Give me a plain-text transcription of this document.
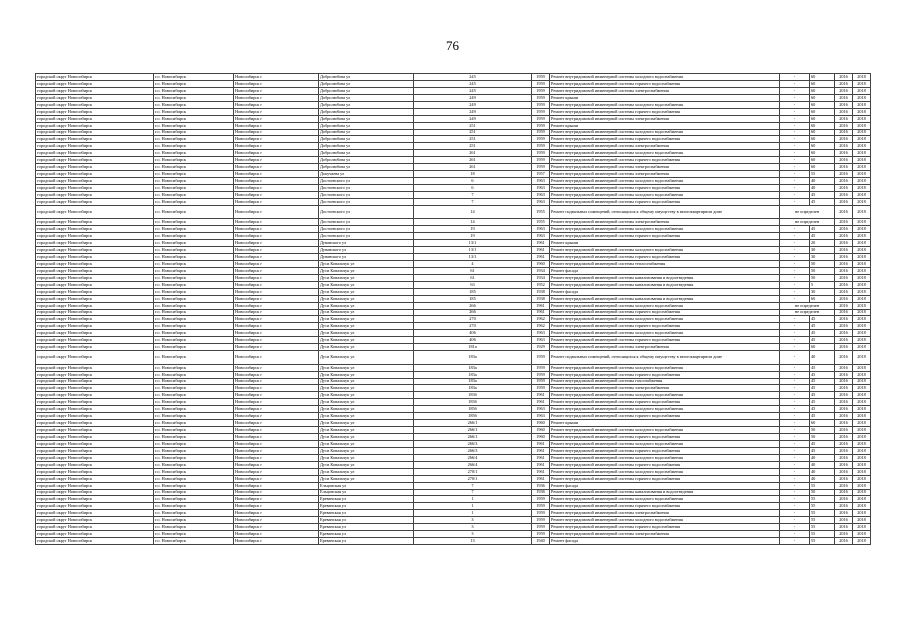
76
городской округ Новосибирск	г.о. Новосибирск	Новосибирск г	Добролюбова ул	245	1959	Ремонт внутридомовой инженерной системы холодного водоснабжения	-	60	2016	2018
городской округ Новосибирск	г.о. Новосибирск	Новосибирск г	Добролюбова ул	245	1959	Ремонт внутридомовой инженерной системы горячего водоснабжения	-	60	2016	2018
городской округ Новосибирск	г.о. Новосибирск	Новосибирск г	Добролюбова ул	245	1959	Ремонт внутридомовой инженерной системы электроснабжения	-	60	2016	2018
городской округ Новосибирск	г.о. Новосибирск	Новосибирск г	Добролюбова ул	249	1959	Ремонт крыши	-	60	2016	2018
городской округ Новосибирск	г.о. Новосибирск	Новосибирск г	Добролюбова ул	249	1959	Ремонт внутридомовой инженерной системы холодного водоснабжения	-	60	2016	2018
городской округ Новосибирск	г.о. Новосибирск	Новосибирск г	Добролюбова ул	249	1959	Ремонт внутридомовой инженерной системы горячего водоснабжения	-	60	2016	2018
городской округ Новосибирск	г.о. Новосибирск	Новосибирск г	Добролюбова ул	249	1959	Ремонт внутридомовой инженерной системы электроснабжения	-	60	2016	2018
городской округ Новосибирск	г.о. Новосибирск	Новосибирск г	Добролюбова ул	251	1959	Ремонт крыши	-	60	2016	2018
городской округ Новосибирск	г.о. Новосибирск	Новосибирск г	Добролюбова ул	251	1959	Ремонт внутридомовой инженерной системы холодного водоснабжения	-	60	2016	2018
городской округ Новосибирск	г.о. Новосибирск	Новосибирск г	Добролюбова ул	251	1959	Ремонт внутридомовой инженерной системы горячего водоснабжения	-	60	2016	2018
городской округ Новосибирск	г.о. Новосибирск	Новосибирск г	Добролюбова ул	251	1959	Ремонт внутридомовой инженерной системы электроснабжения	-	60	2016	2018
городской округ Новосибирск	г.о. Новосибирск	Новосибирск г	Добролюбова ул	261	1959	Ремонт внутридомовой инженерной системы холодного водоснабжения	-	60	2016	2018
городской округ Новосибирск	г.о. Новосибирск	Новосибирск г	Добролюбова ул	261	1959	Ремонт внутридомовой инженерной системы горячего водоснабжения	-	60	2016	2018
городской округ Новосибирск	г.о. Новосибирск	Новосибирск г	Добролюбова ул	261	1959	Ремонт внутридомовой инженерной системы электроснабжения	-	60	2016	2018
городской округ Новосибирск	г.о. Новосибирск	Новосибирск г	Докучаева ул	18	1957	Ремонт внутридомовой инженерной системы электроснабжения	-	55	2016	2018
городской округ Новосибирск	г.о. Новосибирск	Новосибирск г	Достоевского ул	6	1963	Ремонт внутридомовой инженерной системы холодного водоснабжения	-	40	2016	2018
городской округ Новосибирск	г.о. Новосибирск	Новосибирск г	Достоевского ул	6	1963	Ремонт внутридомовой инженерной системы горячего водоснабжения	-	40	2016	2018
городской округ Новосибирск	г.о. Новосибирск	Новосибирск г	Достоевского ул	7	1963	Ремонт внутридомовой инженерной системы холодного водоснабжения	-	45	2016	2018
городской округ Новосибирск	г.о. Новосибирск	Новосибирск г	Достоевского ул	7	1963	Ремонт внутридомовой инженерной системы горячего водоснабжения	-	45	2016	2018
городской округ Новосибирск	г.о. Новосибирск	Новосибирск г	Достоевского ул	14	1955	Ремонт подвальных помещений, относящихся к общему имуществу в многоквартирном доме	не определен		2016	2018
городской округ Новосибирск	г.о. Новосибирск	Новосибирск г	Достоевского ул	14	1955	Ремонт внутридомовой инженерной системы электроснабжения	не определен		2016	2018
городской округ Новосибирск	г.о. Новосибирск	Новосибирск г	Достоевского ул	19	1963	Ремонт внутридомовой инженерной системы холодного водоснабжения	-	45	2016	2018
городской округ Новосибирск	г.о. Новосибирск	Новосибирск г	Достоевского ул	19	1963	Ремонт внутридомовой инженерной системы горячего водоснабжения	-	45	2016	2018
городской округ Новосибирск	г.о. Новосибирск	Новосибирск г	Дуванского ул	13/1	1961	Ремонт крыши	-	20	2016	2018
городской округ Новосибирск	г.о. Новосибирск	Новосибирск г	Дуванского ул	13/1	1961	Ремонт внутридомовой инженерной системы холодного водоснабжения	-	30	2016	2018
городской округ Новосибирск	г.о. Новосибирск	Новосибирск г	Дуванского ул	13/1	1961	Ремонт внутридомовой инженерной системы горячего водоснабжения	-	30	2016	2018
городской округ Новосибирск	г.о. Новосибирск	Новосибирск г	Дуси Ковальчук ул	4	1960	Ремонт внутридомовой инженерной системы теплоснабжения	-	50	2016	2018
городской округ Новосибирск	г.о. Новосибирск	Новосибирск г	Дуси Ковальчук ул	61	1934	Ремонт фасада	-	50	2016	2018
городской округ Новосибирск	г.о. Новосибирск	Новосибирск г	Дуси Ковальчук ул	61	1934	Ремонт внутридомовой инженерной системы канализования и водоотведения	-	50	2016	2018
городской округ Новосибирск	г.о. Новосибирск	Новосибирск г	Дуси Ковальчук ул	63	1952	Ремонт внутридомовой инженерной системы канализования и водоотведения	-	5	2016	2018
городской округ Новосибирск	г.о. Новосибирск	Новосибирск г	Дуси Ковальчук ул	185	1938	Ремонт фасада	-	30	2016	2018
городской округ Новосибирск	г.о. Новосибирск	Новосибирск г	Дуси Ковальчук ул	185	1938	Ремонт внутридомовой инженерной системы канализования и водоотведения	-	60	2016	2018
городской округ Новосибирск	г.о. Новосибирск	Новосибирск г	Дуси Ковальчук ул	266	1961	Ремонт внутридомовой инженерной системы холодного водоснабжения	не определен		2016	2018
городской округ Новосибирск	г.о. Новосибирск	Новосибирск г	Дуси Ковальчук ул	266	1961	Ремонт внутридомовой инженерной системы горячего водоснабжения	не определен		2016	2018
городской округ Новосибирск	г.о. Новосибирск	Новосибирск г	Дуси Ковальчук ул	270	1962	Ремонт внутридомовой инженерной системы холодного водоснабжения	-	45	2016	2018
городской округ Новосибирск	г.о. Новосибирск	Новосибирск г	Дуси Ковальчук ул	270	1962	Ремонт внутридомовой инженерной системы горячего водоснабжения	-	45	2016	2018
городской округ Новосибирск	г.о. Новосибирск	Новосибирск г	Дуси Ковальчук ул	406	1963	Ремонт внутридомовой инженерной системы холодного водоснабжения	-	45	2016	2018
городской округ Новосибирск	г.о. Новосибирск	Новосибирск г	Дуси Ковальчук ул	406	1963	Ремонт внутридомовой инженерной системы горячего водоснабжения	-	45	2016	2018
городской округ Новосибирск	г.о. Новосибирск	Новосибирск г	Дуси Ковальчук ул	181а	1929	Ремонт внутридомовой инженерной системы электроснабжения	-	60	2016	2018
городской округ Новосибирск	г.о. Новосибирск	Новосибирск г	Дуси Ковальчук ул	183а	1959	Ремонт подвальных помещений, относящихся к общему имуществу в многоквартирном доме	-	40	2016	2018
городской округ Новосибирск	г.о. Новосибирск	Новосибирск г	Дуси Ковальчук ул	183а	1959	Ремонт внутридомовой инженерной системы холодного водоснабжения	-	45	2016	2018
городской округ Новосибирск	г.о. Новосибирск	Новосибирск г	Дуси Ковальчук ул	183а	1959	Ремонт внутридомовой инженерной системы горячего водоснабжения	-	45	2016	2018
городской округ Новосибирск	г.о. Новосибирск	Новосибирск г	Дуси Ковальчук ул	183а	1959	Ремонт внутридомовой инженерной системы газоснабжения	-	45	2016	2018
городской округ Новосибирск	г.о. Новосибирск	Новосибирск г	Дуси Ковальчук ул	183а	1959	Ремонт внутридомовой инженерной системы электроснабжения	-	45	2016	2018
городской округ Новосибирск	г.о. Новосибирск	Новосибирск г	Дуси Ковальчук ул	183б	1961	Ремонт внутридомовой инженерной системы холодного водоснабжения	-	45	2016	2018
городской округ Новосибирск	г.о. Новосибирск	Новосибирск г	Дуси Ковальчук ул	183б	1961	Ремонт внутридомовой инженерной системы горячего водоснабжения	-	45	2016	2018
городской округ Новосибирск	г.о. Новосибирск	Новосибирск г	Дуси Ковальчук ул	185б	1963	Ремонт внутридомовой инженерной системы холодного водоснабжения	-	45	2016	2018
городской округ Новосибирск	г.о. Новосибирск	Новосибирск г	Дуси Ковальчук ул	185б	1963	Ремонт внутридомовой инженерной системы горячего водоснабжения	-	45	2016	2018
городской округ Новосибирск	г.о. Новосибирск	Новосибирск г	Дуси Ковальчук ул	266/1	1960	Ремонт крыши	-	60	2016	2018
городской округ Новосибирск	г.о. Новосибирск	Новосибирск г	Дуси Ковальчук ул	266/1	1960	Ремонт внутридомовой инженерной системы холодного водоснабжения	-	50	2016	2018
городской округ Новосибирск	г.о. Новосибирск	Новосибирск г	Дуси Ковальчук ул	266/1	1960	Ремонт внутридомовой инженерной системы горячего водоснабжения	-	50	2016	2018
городской округ Новосибирск	г.о. Новосибирск	Новосибирск г	Дуси Ковальчук ул	266/3	1961	Ремонт внутридомовой инженерной системы холодного водоснабжения	-	45	2016	2018
городской округ Новосибирск	г.о. Новосибирск	Новосибирск г	Дуси Ковальчук ул	266/3	1961	Ремонт внутридомовой инженерной системы горячего водоснабжения	-	45	2016	2018
городской округ Новосибирск	г.о. Новосибирск	Новосибирск г	Дуси Ковальчук ул	266/4	1961	Ремонт внутридомовой инженерной системы холодного водоснабжения	-	40	2016	2018
городской округ Новосибирск	г.о. Новосибирск	Новосибирск г	Дуси Ковальчук ул	266/4	1961	Ремонт внутридомовой инженерной системы горячего водоснабжения	-	40	2016	2018
городской округ Новосибирск	г.о. Новосибирск	Новосибирск г	Дуси Ковальчук ул	270/1	1961	Ремонт внутридомовой инженерной системы холодного водоснабжения	-	40	2016	2018
городской округ Новосибирск	г.о. Новосибирск	Новосибирск г	Дуси Ковальчук ул	270/1	1961	Ремонт внутридомовой инженерной системы горячего водоснабжения	-	40	2016	2018
городской округ Новосибирск	г.о. Новосибирск	Новосибирск г	Ельцовская ул	7	1936	Ремонт фасада	-	55	2016	2018
городской округ Новосибирск	г.о. Новосибирск	Новосибирск г	Ельцовская ул	7	1936	Ремонт внутридомовой инженерной системы канализования и водоотведения	-	50	2016	2018
городской округ Новосибирск	г.о. Новосибирск	Новосибирск г	Ереванская ул	1	1959	Ремонт внутридомовой инженерной системы холодного водоснабжения	-	55	2016	2018
городской округ Новосибирск	г.о. Новосибирск	Новосибирск г	Ереванская ул	1	1959	Ремонт внутридомовой инженерной системы горячего водоснабжения	-	55	2016	2018
городской округ Новосибирск	г.о. Новосибирск	Новосибирск г	Ереванская ул	1	1959	Ремонт внутридомовой инженерной системы электроснабжения	-	55	2016	2018
городской округ Новосибирск	г.о. Новосибирск	Новосибирск г	Ереванская ул	3	1959	Ремонт внутридомовой инженерной системы холодного водоснабжения	-	55	2016	2018
городской округ Новосибирск	г.о. Новосибирск	Новосибирск г	Ереванская ул	3	1959	Ремонт внутридомовой инженерной системы горячего водоснабжения	-	55	2016	2018
городской округ Новосибирск	г.о. Новосибирск	Новосибирск г	Ереванская ул	3	1959	Ремонт внутридомовой инженерной системы электроснабжения	-	55	2016	2018
городской округ Новосибирск	г.о. Новосибирск	Новосибирск г	Ереванская ул	13	1940	Ремонт фасада	-	55	2016	2018
